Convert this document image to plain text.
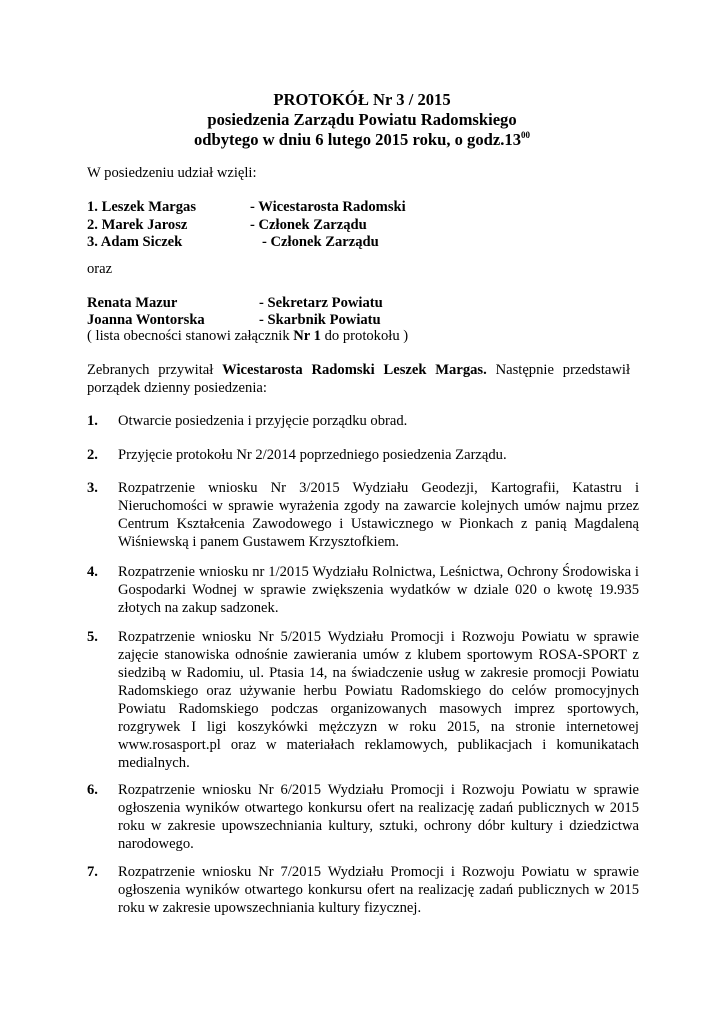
PROTOKÓŁ Nr 3 / 2015
posiedzenia Zarządu Powiatu Radomskiego
odbytego w dniu 6 lutego 2015 roku, o $godz.13^{00}$
W posiedzeniu udział wzięli:
1. Leszek Margas	- Wicestarosta Radomski
2. Marek Jarosz	- Członek Zarządu
3. Adam Siczek	- Członek Zarządu
oraz
Renata Mazur	- Sekretarz Powiatu
Joanna Wontorska	- Skarbnik Powiatu
( lista obecności stanowi załącznik Nr 1 do protokołu )
Zebranych przywitał Wicestarosta Radomski Leszek Margas. Następnie przedstawił porządek dzienny posiedzenia:
1. Otwarcie posiedzenia i przyjęcie porządku obrad.
2. Przyjęcie protokołu Nr 2/2014 poprzedniego posiedzenia Zarządu.
3. Rozpatrzenie wniosku Nr 3/2015 Wydziału Geodezji, Kartografii, Katastru i Nieruchomości w sprawie wyrażenia zgody na zawarcie kolejnych umów najmu przez Centrum Kształcenia Zawodowego i Ustawicznego w Pionkach z panią Magdaleną Wiśniewską i panem Gustawem Krzysztofkiem.
4. Rozpatrzenie wniosku nr 1/2015 Wydziału Rolnictwa, Leśnictwa, Ochrony Środowiska i Gospodarki Wodnej w sprawie zwiększenia wydatków w dziale 020 o kwotę 19.935 złotych na zakup sadzonek.
5. Rozpatrzenie wniosku Nr 5/2015 Wydziału Promocji i Rozwoju Powiatu w sprawie zajęcie stanowiska odnośnie zawierania umów z klubem sportowym ROSA-SPORT z siedzibą w Radomiu, ul. Ptasia 14, na świadczenie usług w zakresie promocji Powiatu Radomskiego oraz używanie herbu Powiatu Radomskiego do celów promocyjnych Powiatu Radomskiego podczas organizowanych masowych imprez sportowych, rozgrywek I ligi koszykówki mężczyzn w roku 2015, na stronie internetowej www.rosasport.pl oraz w materiałach reklamowych, publikacjach i komunikatach medialnych.
6. Rozpatrzenie wniosku Nr 6/2015 Wydziału Promocji i Rozwoju Powiatu w sprawie ogłoszenia wyników otwartego konkursu ofert na realizację zadań publicznych w 2015 roku w zakresie upowszechniania kultury, sztuki, ochrony dóbr kultury i dziedzictwa narodowego.
7. Rozpatrzenie wniosku Nr 7/2015 Wydziału Promocji i Rozwoju Powiatu w sprawie ogłoszenia wyników otwartego konkursu ofert na realizację zadań publicznych w 2015 roku w zakresie upowszechniania kultury fizycznej.
